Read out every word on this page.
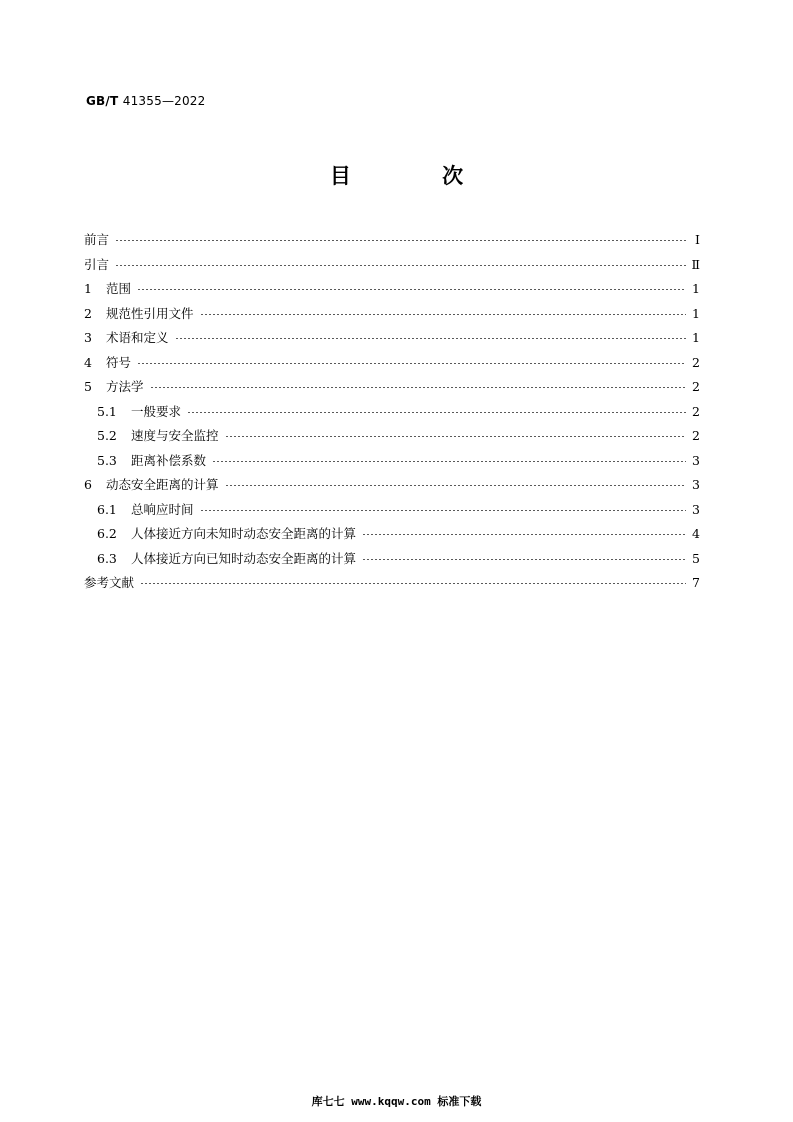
GB/T 41355—2022
目 次
前言	Ⅰ
引言	Ⅱ
1	范围	1
2	规范性引用文件	1
3	术语和定义	1
4	符号	2
5	方法学	2
5.1	一般要求	2
5.2	速度与安全监控	2
5.3	距离补偿系数	3
6	动态安全距离的计算	3
6.1	总响应时间	3
6.2	人体接近方向未知时动态安全距离的计算	4
6.3	人体接近方向已知时动态安全距离的计算	5
参考文献	7
库七七 www.kqqw.com 标准下载
